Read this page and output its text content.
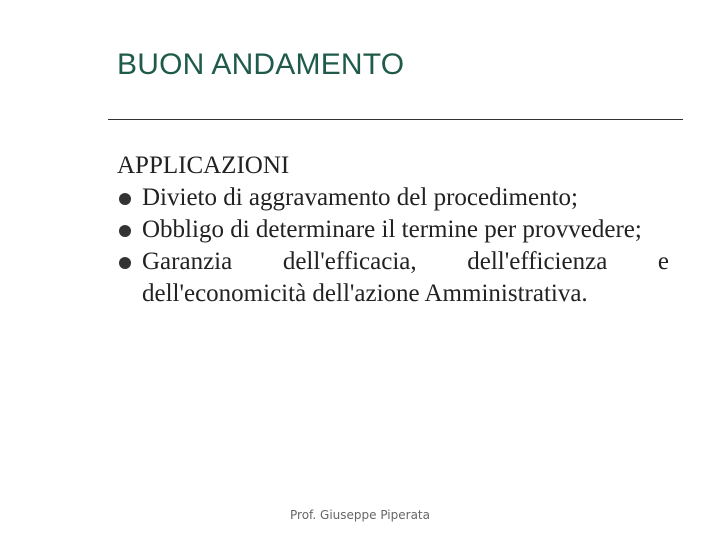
BUON ANDAMENTO
APPLICAZIONI
Divieto di aggravamento del procedimento;
Obbligo di determinare il termine per provvedere;
Garanzia dell'efficacia, dell'efficienza e dell'economicità dell'azione Amministrativa.
Prof. Giuseppe Piperata
